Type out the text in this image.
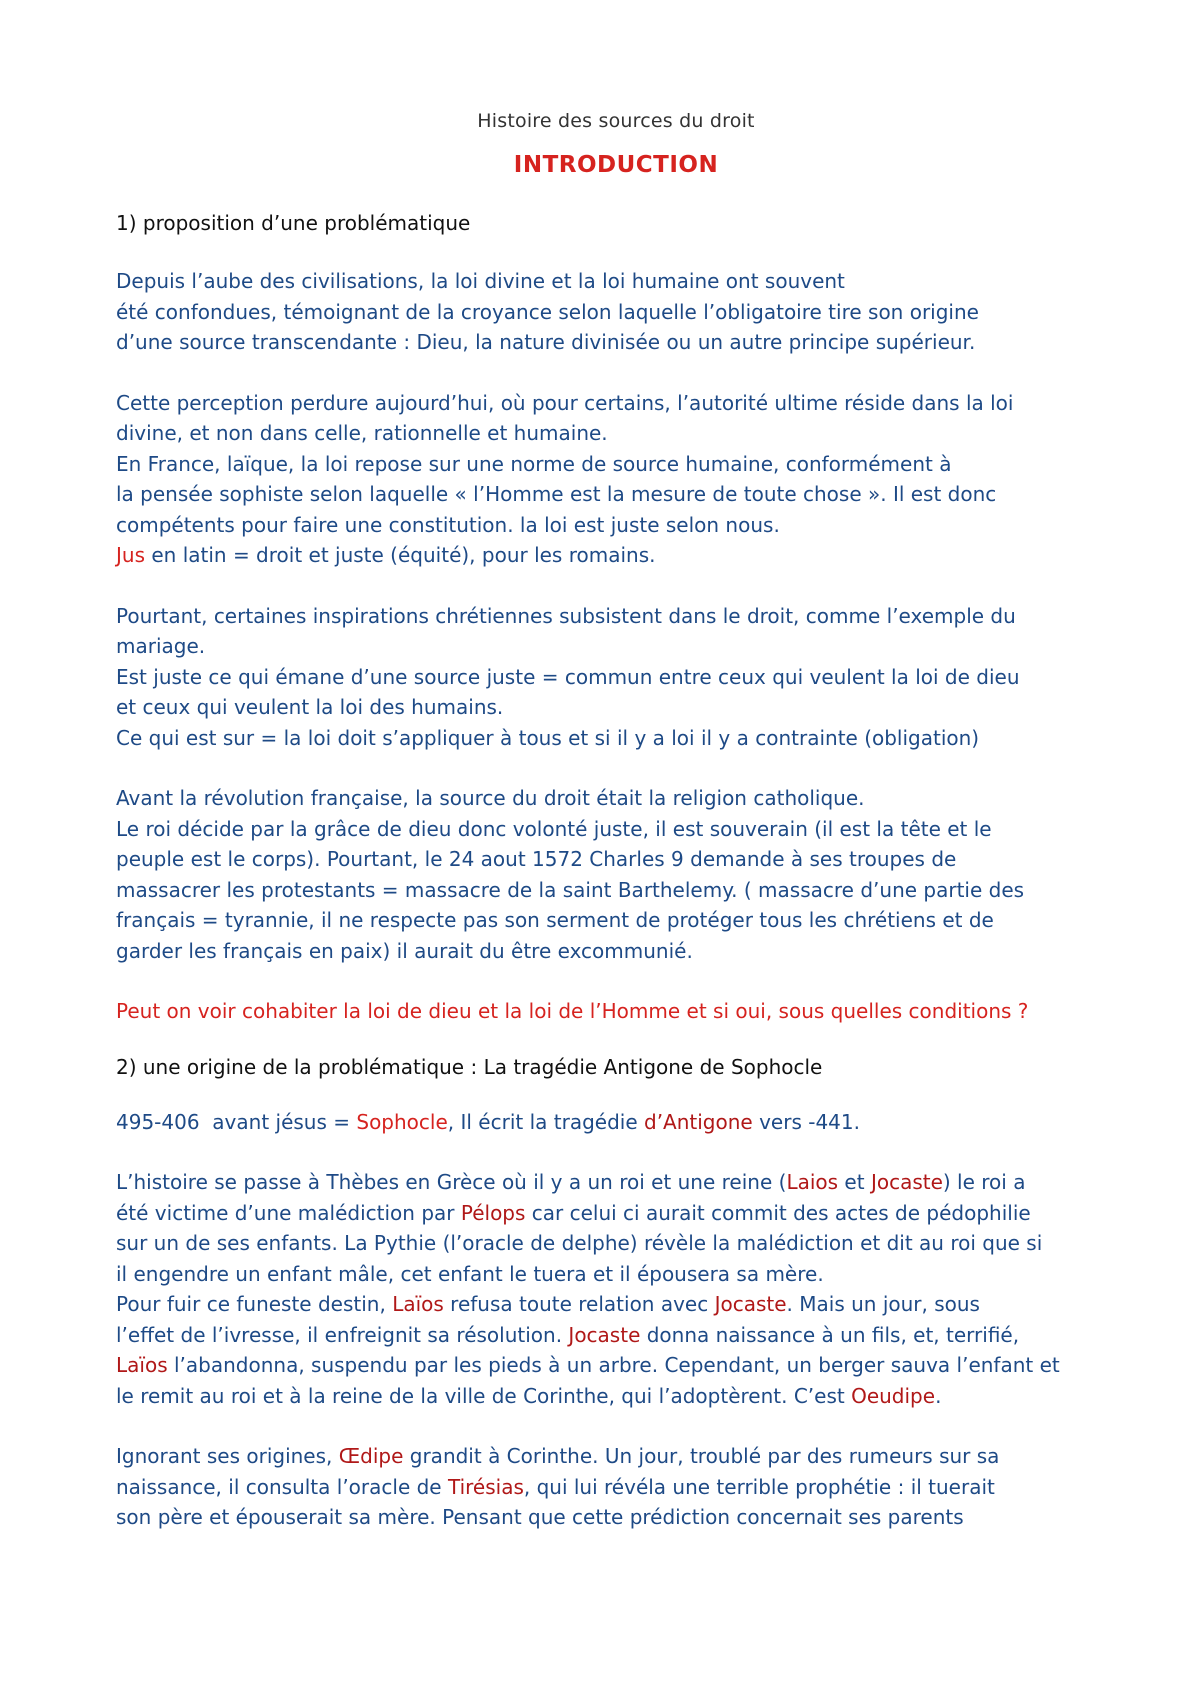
Histoire des sources du droit
INTRODUCTION
1) proposition d’une problématique
Depuis l’aube des civilisations, la loi divine et la loi humaine ont souvent
été confondues, témoignant de la croyance selon laquelle l’obligatoire tire son origine
d’une source transcendante : Dieu, la nature divinisée ou un autre principe supérieur.
Cette perception perdure aujourd’hui, où pour certains, l’autorité ultime réside dans la loi
divine, et non dans celle, rationnelle et humaine.
En France, laïque, la loi repose sur une norme de source humaine, conformément à
la pensée sophiste selon laquelle « l’Homme est la mesure de toute chose ». Il est donc
compétents pour faire une constitution. la loi est juste selon nous.
Jus en latin = droit et juste (équité), pour les romains.
Pourtant, certaines inspirations chrétiennes subsistent dans le droit, comme l’exemple du
mariage.
Est juste ce qui émane d’une source juste = commun entre ceux qui veulent la loi de dieu
et ceux qui veulent la loi des humains.
Ce qui est sur = la loi doit s’appliquer à tous et si il y a loi il y a contrainte (obligation)
Avant la révolution française, la source du droit était la religion catholique.
Le roi décide par la grâce de dieu donc volonté juste, il est souverain (il est la tête et le
peuple est le corps). Pourtant, le 24 aout 1572 Charles 9 demande à ses troupes de
massacrer les protestants = massacre de la saint Barthelemy. ( massacre d’une partie des
français = tyrannie, il ne respecte pas son serment de protéger tous les chrétiens et de
garder les français en paix) il aurait du être excommunié.
Peut on voir cohabiter la loi de dieu et la loi de l’Homme et si oui, sous quelles conditions ?
2) une origine de la problématique : La tragédie Antigone de Sophocle
495-406  avant jésus = Sophocle, Il écrit la tragédie d’Antigone vers -441.
L’histoire se passe à Thèbes en Grèce où il y a un roi et une reine (Laios et Jocaste) le roi a
été victime d’une malédiction par Pélops car celui ci aurait commit des actes de pédophilie
sur un de ses enfants. La Pythie (l’oracle de delphe) révèle la malédiction et dit au roi que si
il engendre un enfant mâle, cet enfant le tuera et il épousera sa mère.
Pour fuir ce funeste destin, Laïos refusa toute relation avec Jocaste. Mais un jour, sous
l’effet de l’ivresse, il enfreignit sa résolution. Jocaste donna naissance à un fils, et, terrifié,
Laïos l’abandonna, suspendu par les pieds à un arbre. Cependant, un berger sauva l’enfant et
le remit au roi et à la reine de la ville de Corinthe, qui l’adoptèrent. C’est Oeudipe.
Ignorant ses origines, Œdipe grandit à Corinthe. Un jour, troublé par des rumeurs sur sa
naissance, il consulta l’oracle de Tirésias, qui lui révéla une terrible prophétie : il tuerait
son père et épouserait sa mère. Pensant que cette prédiction concernait ses parents
